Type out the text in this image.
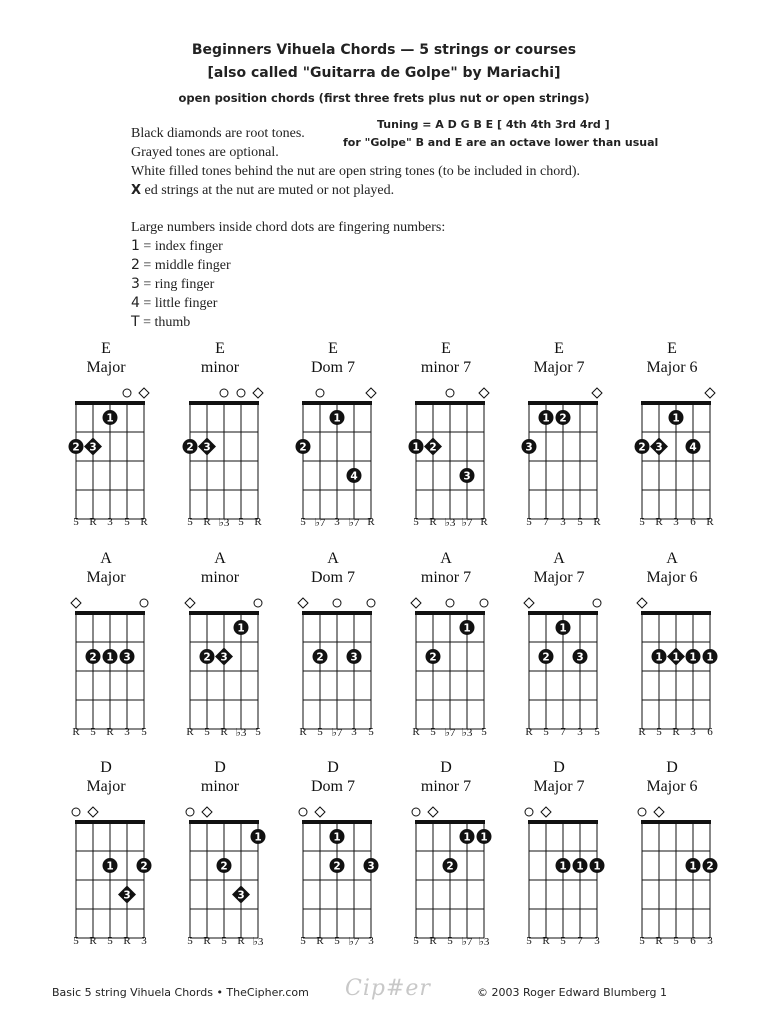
Beginners Vihuela Chords — 5 strings or courses
[also called "Guitarra de Golpe" by Mariachi]
open position chords (first three frets plus nut or open strings)
Black diamonds are root tones.
Grayed tones are optional.
White filled tones behind the nut are open string tones (to be included in chord).
X ed strings at the nut are muted or not played.
Tuning = A D G B E [ 4th 4th 3rd 4rd ]
for "Golpe" B and E are an octave lower than usual
Large numbers inside chord dots are fingering numbers:
1 = index finger
2 = middle finger
3 = ring finger
4 = little finger
T = thumb
E
Major
1
2 3
5 R 3	5 R
E
minor
2 3
5 R ♭3 5 R
E
Dom 7
1
2
4
5 ♭7 3 ♭7 R
E
minor 7
1 2
3
5 R ♭3 ♭7 R
E
Major 7
1 2
3
5	7	3	5 R
E
Major 6
1
2 3	4
5 R 3	6 R
A
Major
2 1 3
R 5 R 3	5
A
minor
1
2 3
R 5 R ♭3 5
A
Dom 7
2	3
R 5 ♭7 3	5
A
minor 7
1
2
R 5 ♭7 ♭3 5
A
Major 7
1
2	3
R 5	7	3	5
A
Major 6
1 1 1 1
R 5 R 3	6
D
Major
1	2
3
5 R 5 R 3
D
minor
1
2
3
5 R 5 R ♭3
D
Dom 7
1
2	3
5 R 5 ♭7 3
D
minor 7
1 1
2
5 R 5 ♭7 ♭3
D
Major 7
1 1 1
5 R 5	7	3
D
Major 6
1 2
5 R 5	6	3
Basic 5 string Vihuela Chords • TheCipher.com Cip#er	© 2003 Roger Edward Blumberg 1
